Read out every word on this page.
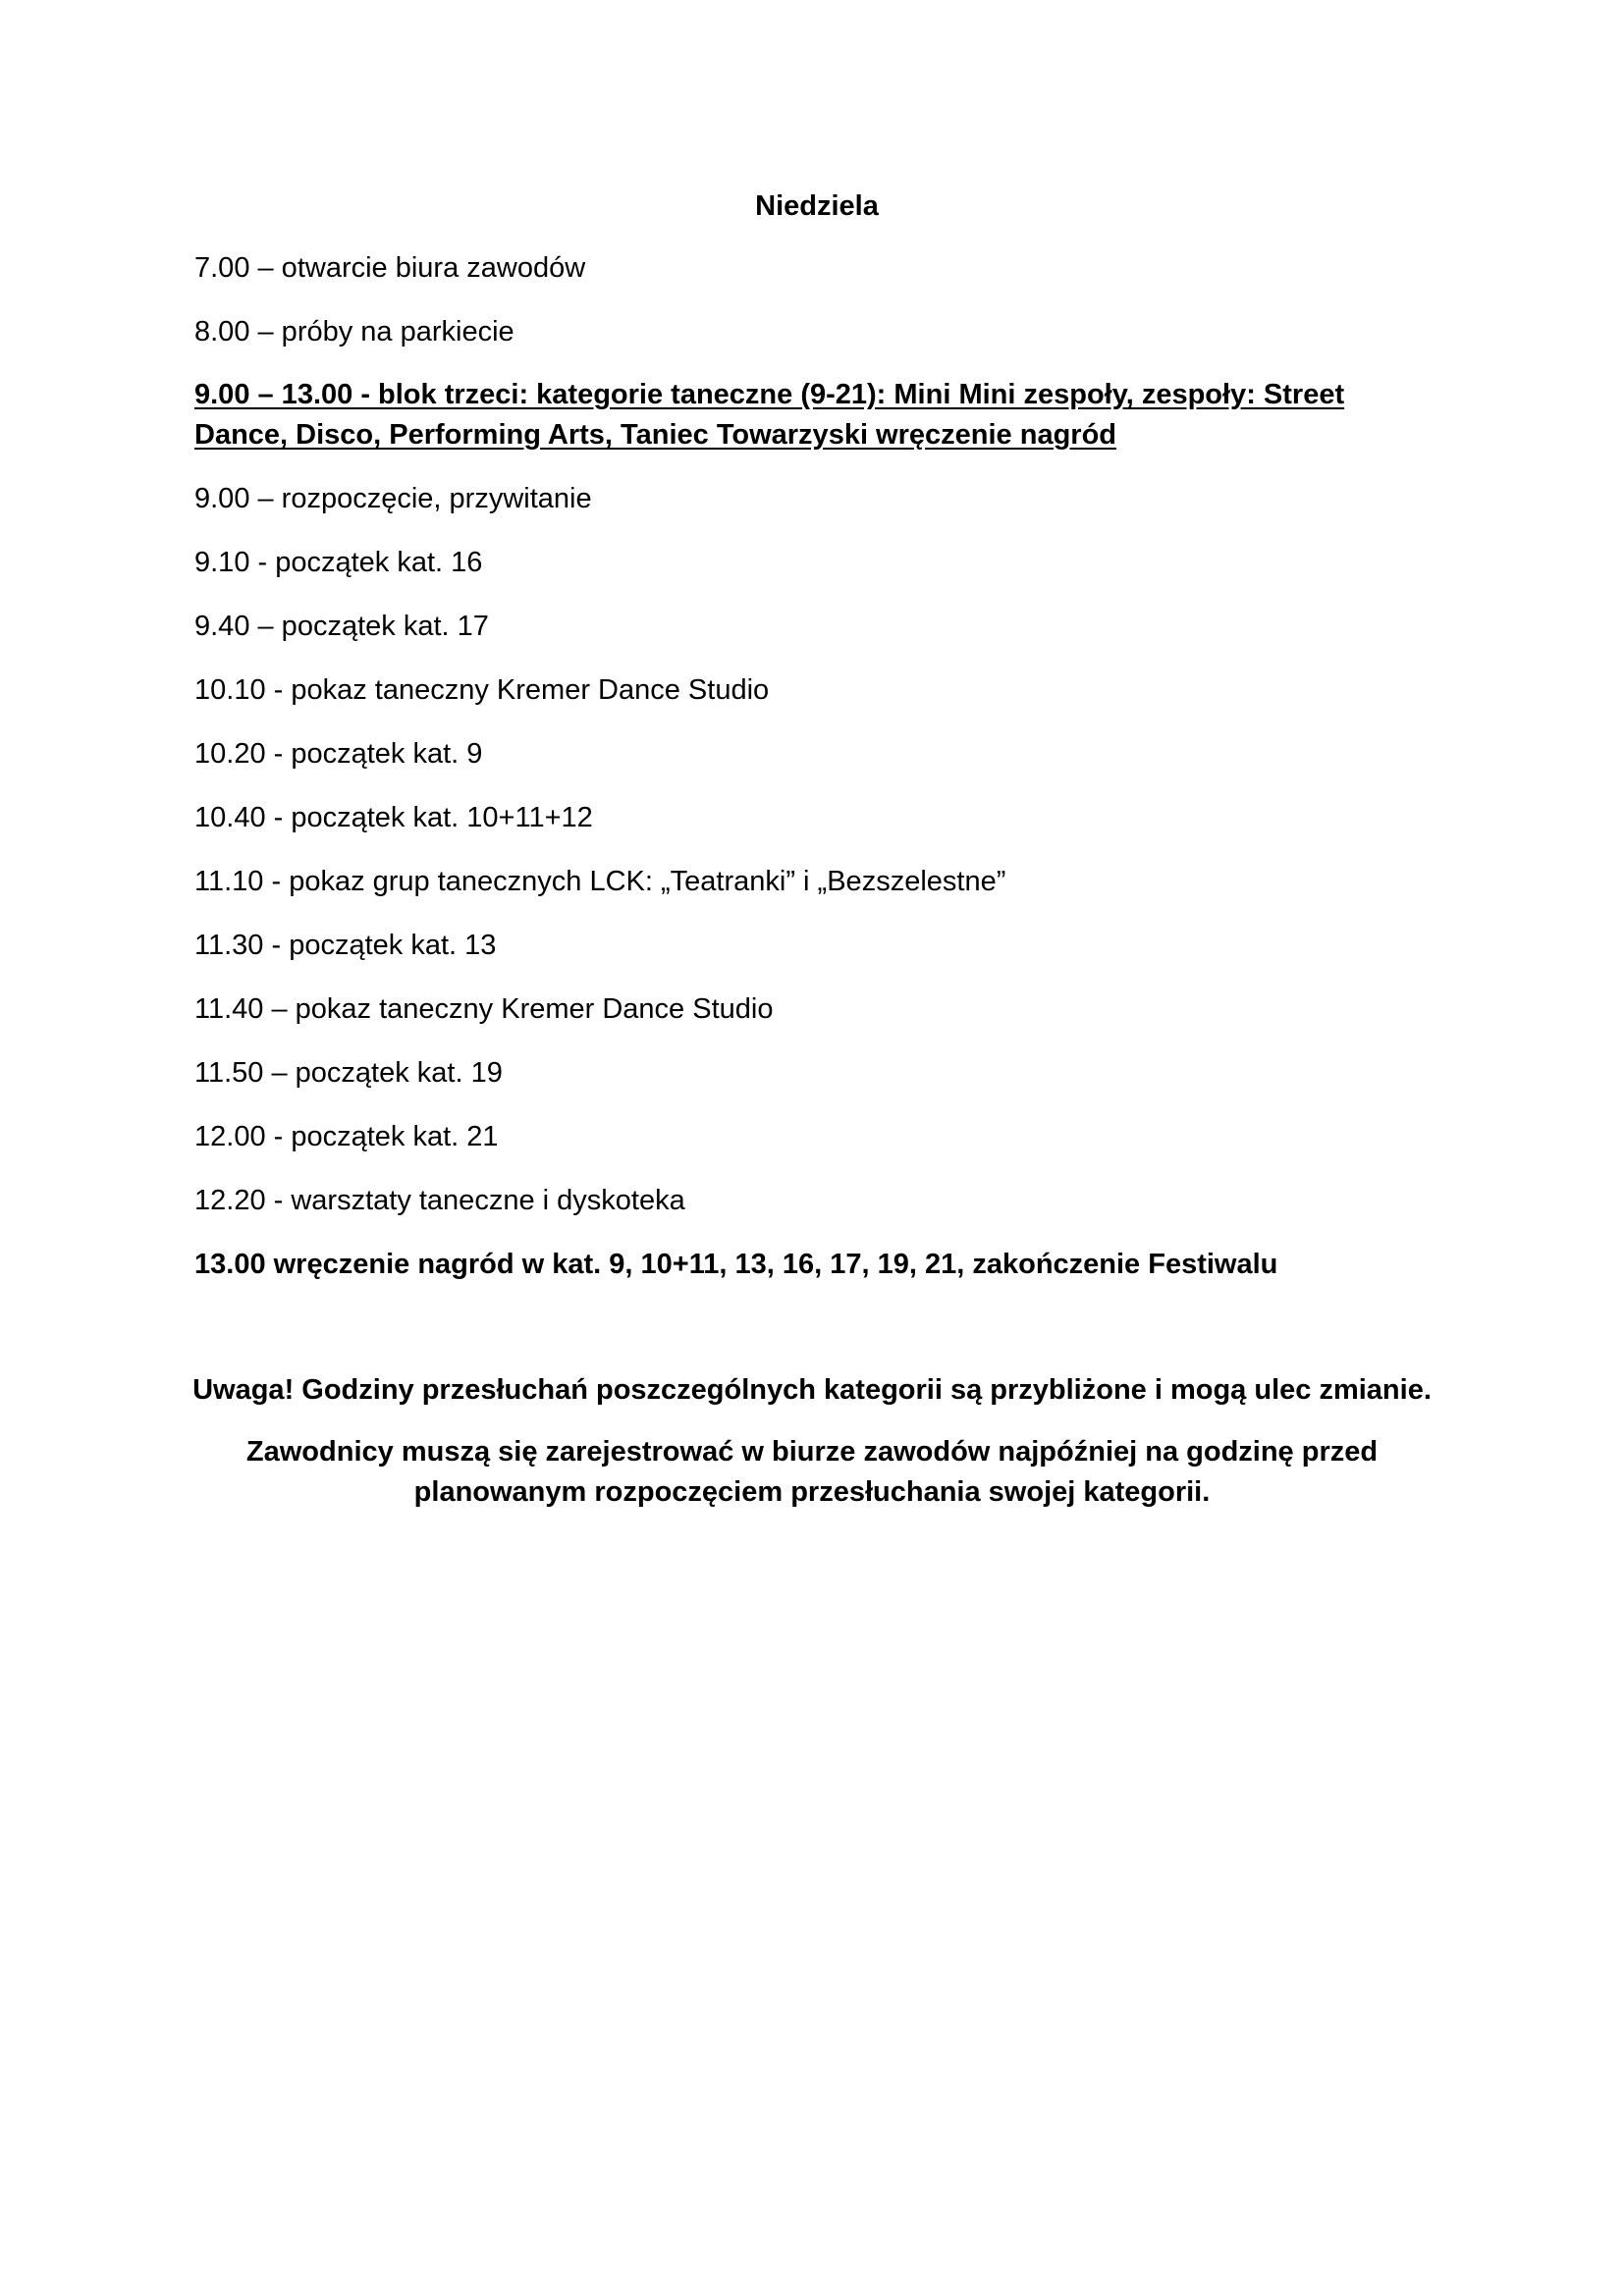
Niedziela
7.00 – otwarcie biura zawodów
8.00 – próby na parkiecie
9.00 – 13.00 - blok trzeci: kategorie taneczne (9-21): Mini Mini zespoły, zespoły: Street Dance, Disco, Performing Arts, Taniec Towarzyski wręczenie nagród
9.00 – rozpoczęcie, przywitanie
9.10 - początek kat. 16
9.40 – początek kat. 17
10.10 - pokaz taneczny Kremer Dance Studio
10.20 - początek kat. 9
10.40 - początek kat. 10+11+12
11.10 - pokaz grup tanecznych LCK: „Teatranki” i „Bezszelestne”
11.30 - początek kat. 13
11.40 – pokaz taneczny Kremer Dance Studio
11.50 – początek kat. 19
12.00 - początek kat. 21
12.20 - warsztaty taneczne i dyskoteka
13.00 wręczenie nagród w kat. 9, 10+11, 13, 16, 17, 19, 21, zakończenie Festiwalu

Uwaga! Godziny przesłuchań poszczególnych kategorii są przybliżone i mogą ulec zmianie.

Zawodnicy muszą się zarejestrować w biurze zawodów najpóźniej na godzinę przed planowanym rozpoczęciem przesłuchania swojej kategorii.
